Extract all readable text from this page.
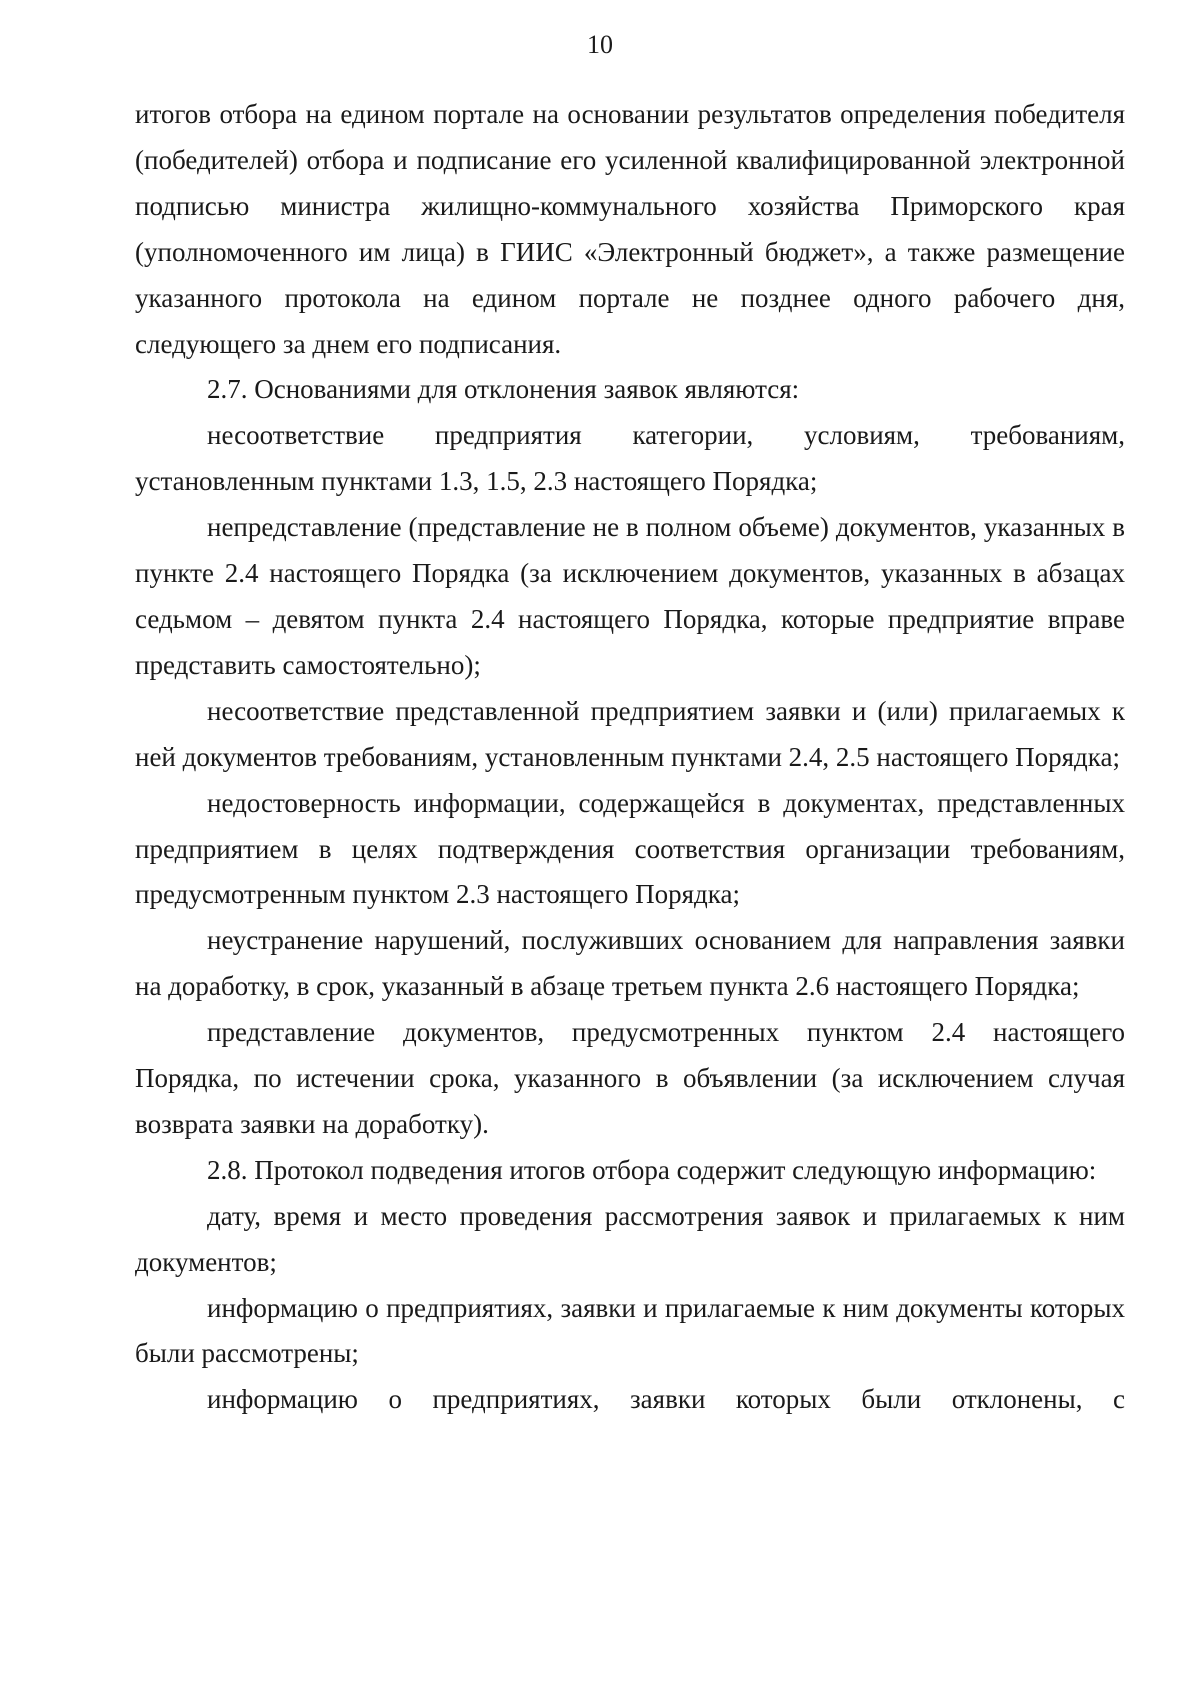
10

итогов отбора на едином портале на основании результатов определения победителя (победителей) отбора и подписание его усиленной квалифицированной электронной подписью министра жилищно-коммунального хозяйства Приморского края (уполномоченного им лица) в ГИИС «Электронный бюджет», а также размещение указанного протокола на едином портале не позднее одного рабочего дня, следующего за днем его подписания.

2.7. Основаниями для отклонения заявок являются:

несоответствие предприятия категории, условиям, требованиям, установленным пунктами 1.3, 1.5, 2.3 настоящего Порядка;

непредставление (представление не в полном объеме) документов, указанных в пункте 2.4 настоящего Порядка (за исключением документов, указанных в абзацах седьмом – девятом пункта 2.4 настоящего Порядка, которые предприятие вправе представить самостоятельно);

несоответствие представленной предприятием заявки и (или) прилагаемых к ней документов требованиям, установленным пунктами 2.4, 2.5 настоящего Порядка;

недостоверность информации, содержащейся в документах, представленных предприятием в целях подтверждения соответствия организации требованиям, предусмотренным пунктом 2.3 настоящего Порядка;

неустранение нарушений, послуживших основанием для направления заявки на доработку, в срок, указанный в абзаце третьем пункта 2.6 настоящего Порядка;

представление документов, предусмотренных пунктом 2.4 настоящего Порядка, по истечении срока, указанного в объявлении (за исключением случая возврата заявки на доработку).

2.8. Протокол подведения итогов отбора содержит следующую информацию:

дату, время и место проведения рассмотрения заявок и прилагаемых к ним документов;

информацию о предприятиях, заявки и прилагаемые к ним документы которых были рассмотрены;

информацию о предприятиях, заявки которых были отклонены, с
